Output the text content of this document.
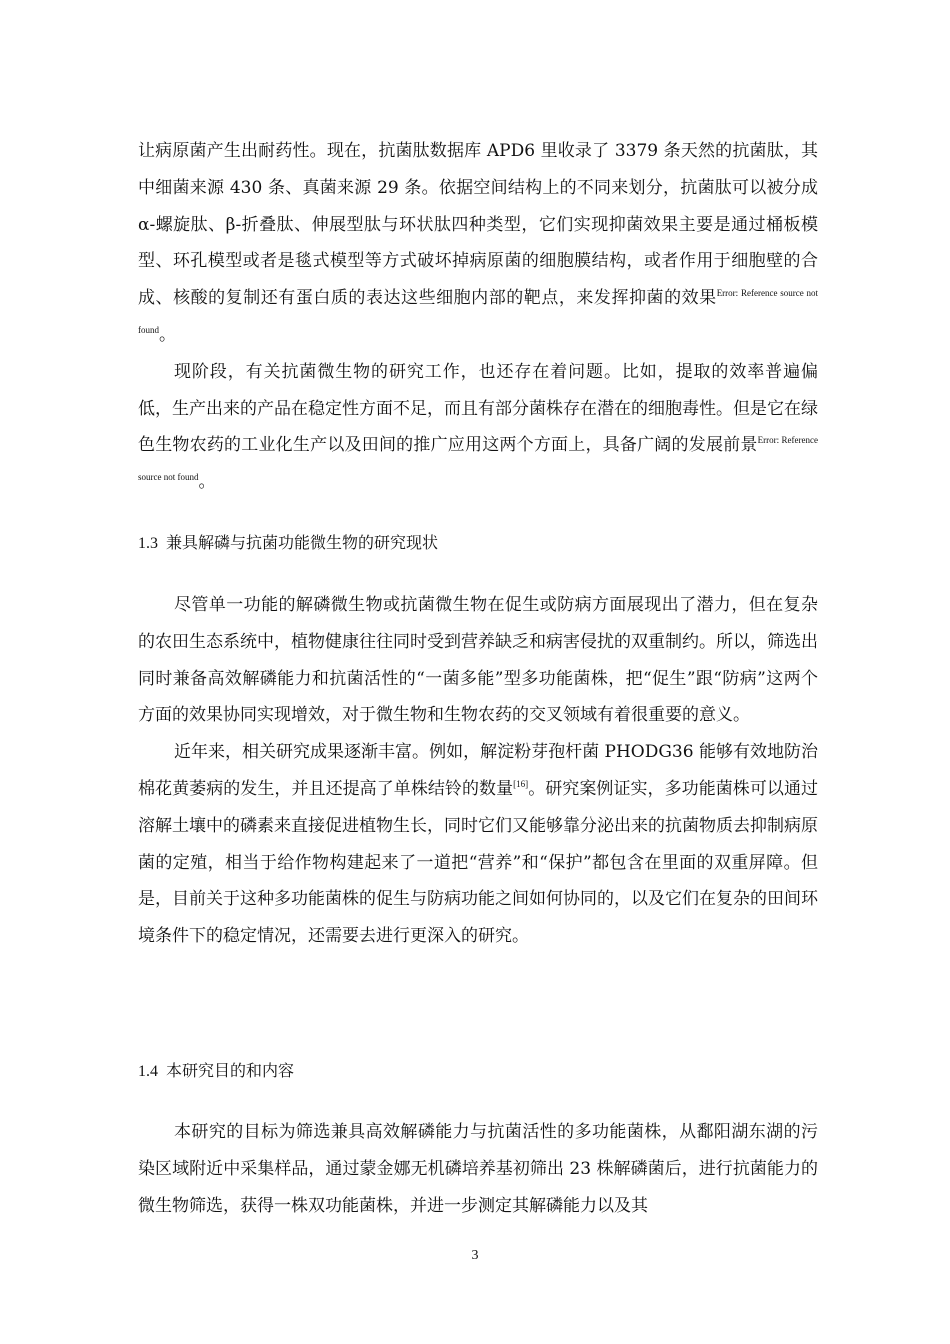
让病原菌产生出耐药性。现在，抗菌肽数据库 APD6 里收录了 3379 条天然的抗菌肽，其中细菌来源 430 条、真菌来源 29 条。依据空间结构上的不同来划分，抗菌肽可以被分成 α-螺旋肽、β-折叠肽、伸展型肽与环状肽四种类型，它们实现抑菌效果主要是通过桶板模型、环孔模型或者是毯式模型等方式破坏掉病原菌的细胞膜结构，或者作用于细胞壁的合成、核酸的复制还有蛋白质的表达这些细胞内部的靶点，来发挥抑菌的效果$^{Error: Reference source not found}$。

现阶段，有关抗菌微生物的研究工作，也还存在着问题。比如，提取的效率普遍偏低，生产出来的产品在稳定性方面不足，而且有部分菌株存在潜在的细胞毒性。但是它在绿色生物农药的工业化生产以及田间的推广应用这两个方面上，具备广阔的发展前景$^{Error: Reference source not found}$。

1.3 兼具解磷与抗菌功能微生物的研究现状

尽管单一功能的解磷微生物或抗菌微生物在促生或防病方面展现出了潜力，但在复杂的农田生态系统中，植物健康往往同时受到营养缺乏和病害侵扰的双重制约。所以，筛选出同时兼备高效解磷能力和抗菌活性的“一菌多能”型多功能菌株，把“促生”跟“防病”这两个方面的效果协同实现增效，对于微生物和生物农药的交叉领域有着很重要的意义。

近年来，相关研究成果逐渐丰富。例如，解淀粉芽孢杆菌 PHODG36 能够有效地防治棉花黄萎病的发生，并且还提高了单株结铃的数量[16]。研究案例证实，多功能菌株可以通过溶解土壤中的磷素来直接促进植物生长，同时它们又能够靠分泌出来的抗菌物质去抑制病原菌的定殖，相当于给作物构建起来了一道把“营养”和“保护”都包含在里面的双重屏障。但是，目前关于这种多功能菌株的促生与防病功能之间如何协同的，以及它们在复杂的田间环境条件下的稳定情况，还需要去进行更深入的研究。

1.4 本研究目的和内容

本研究的目标为筛选兼具高效解磷能力与抗菌活性的多功能菌株，从鄱阳湖东湖的污染区域附近中采集样品，通过蒙金娜无机磷培养基初筛出 23 株解磷菌后，进行抗菌能力的微生物筛选，获得一株双功能菌株，并进一步测定其解磷能力以及其

3
